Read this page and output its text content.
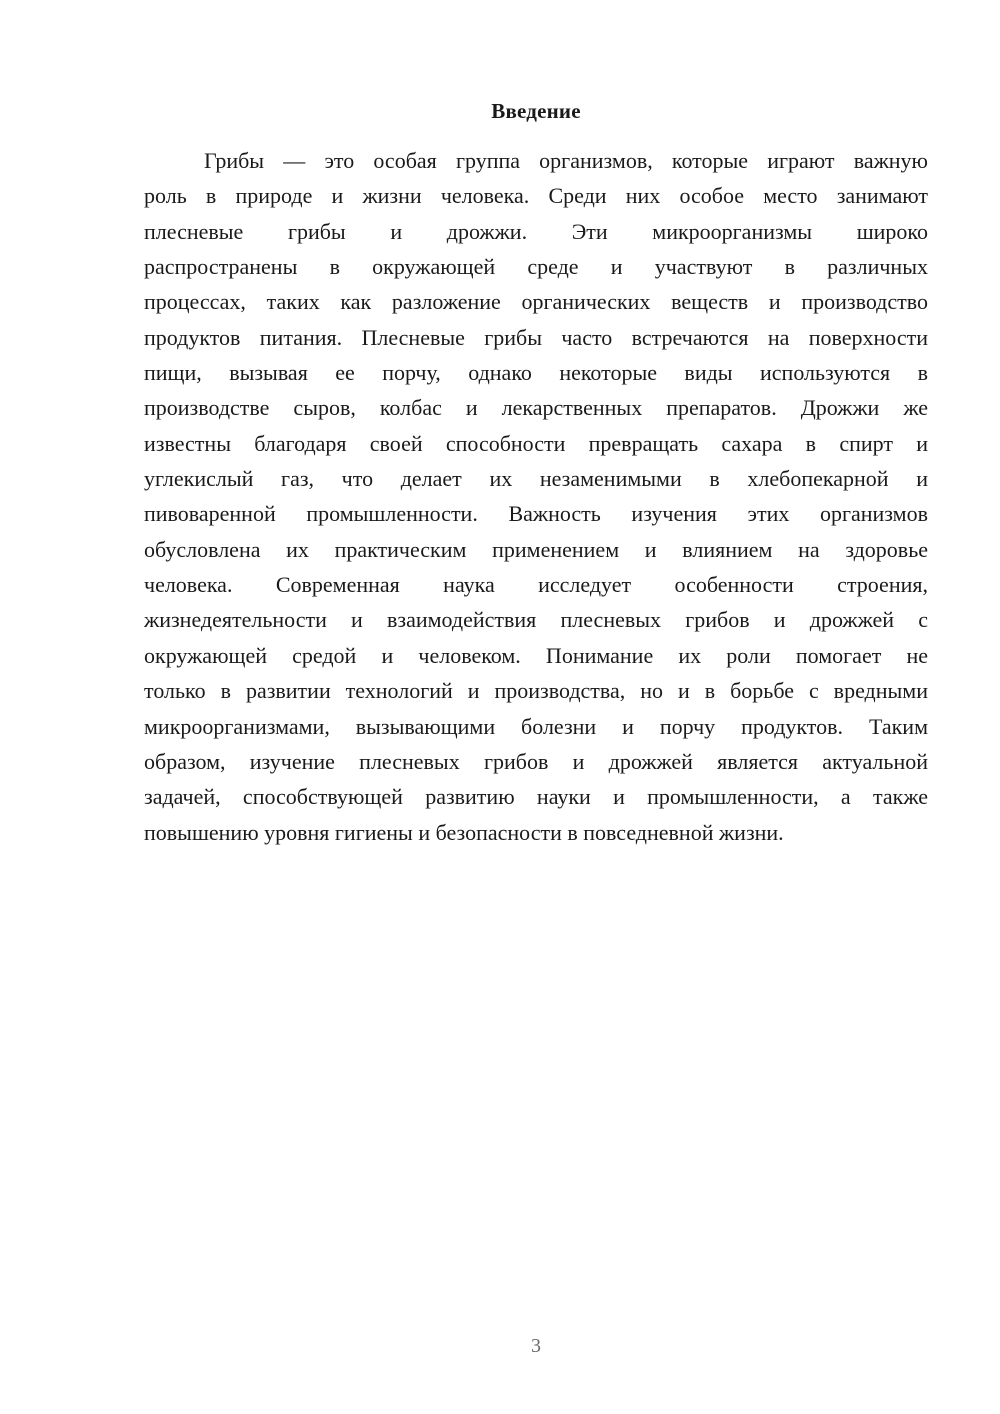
Введение
Грибы — это особая группа организмов, которые играют важную
роль в природе и жизни человека. Среди них особое место занимают
плесневые грибы и дрожжи. Эти микроорганизмы широко
распространены в окружающей среде и участвуют в различных
процессах, таких как разложение органических веществ и производство
продуктов питания. Плесневые грибы часто встречаются на поверхности
пищи, вызывая ее порчу, однако некоторые виды используются в
производстве сыров, колбас и лекарственных препаратов. Дрожжи же
известны благодаря своей способности превращать сахара в спирт и
углекислый газ, что делает их незаменимыми в хлебопекарной и
пивоваренной промышленности. Важность изучения этих организмов
обусловлена их практическим применением и влиянием на здоровье
человека. Современная наука исследует особенности строения,
жизнедеятельности и взаимодействия плесневых грибов и дрожжей с
окружающей средой и человеком. Понимание их роли помогает не
только в развитии технологий и производства, но и в борьбе с вредными
микроорганизмами, вызывающими болезни и порчу продуктов. Таким
образом, изучение плесневых грибов и дрожжей является актуальной
задачей, способствующей развитию науки и промышленности, а также
повышению уровня гигиены и безопасности в повседневной жизни.
3
